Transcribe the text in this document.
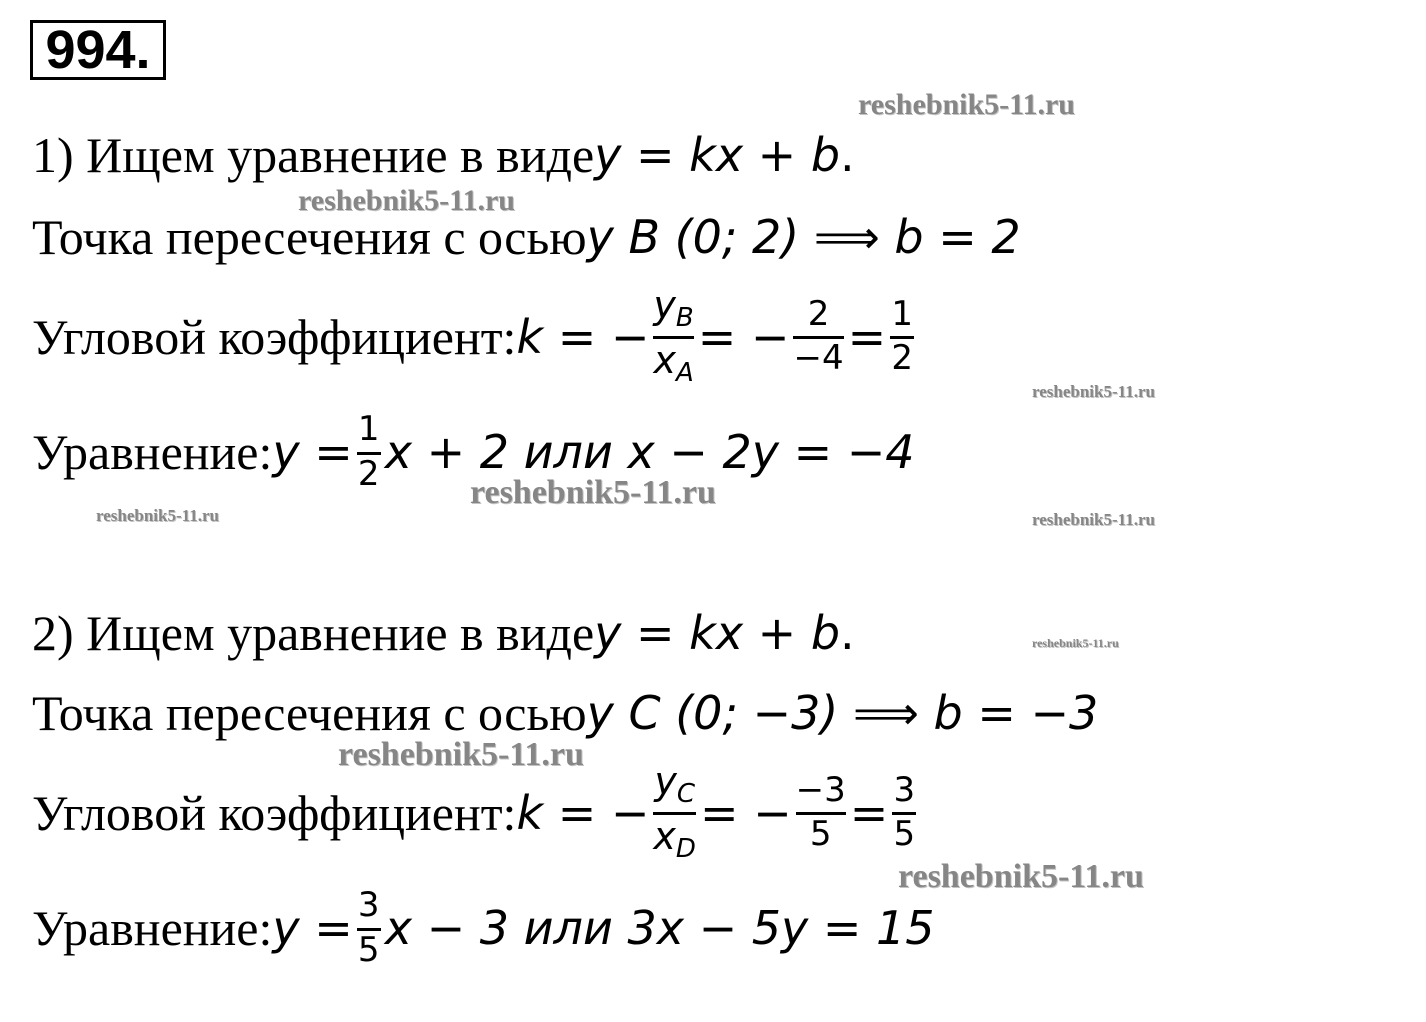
994.
1) Ищем уравнение в виде y = kx + b .
Точка пересечения с осью y B (0; 2) ⟹ b = 2
Угловой коэффициент: k = − $\frac{y_B}{x_A}$ = − $\frac{2}{-4} = \frac{1}{2}$
Уравнение: $y = \frac{1}{2}$ x + 2 или x − 2y = −4
2) Ищем уравнение в виде y = kx + b .
Точка пересечения с осью y C (0; −3) ⟹ b = −3
Угловой коэффициент: k = − $\frac{y_C}{x_D}$ = − $\frac{-3}{5} = \frac{3}{5}$
Уравнение: $y = \frac{3}{5}$ x − 3 или 3x − 5y = 15
reshebnik5-11.ru
reshebnik5-11.ru
reshebnik5-11.ru
reshebnik5-11.ru
reshebnik5-11.ru	reshebnik5-11.ru
reshebnik5-11.ru
reshebnik5-11.ru
reshebnik5-11.ru
